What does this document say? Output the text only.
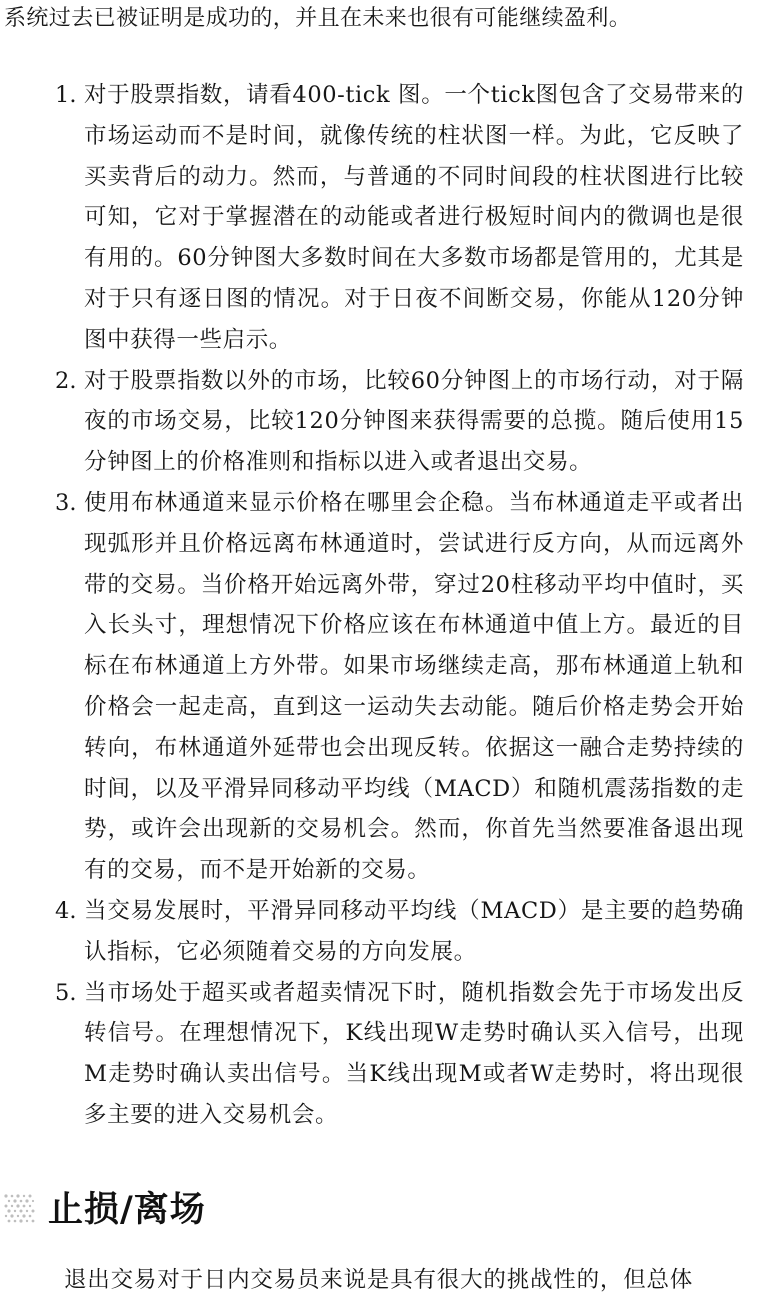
系统过去已被证明是成功的，并且在未来也很有可能继续盈利。
1. 对于股票指数，请看400-tick 图。一个tick图包含了交易带来的市场运动而不是时间，就像传统的柱状图一样。为此，它反映了买卖背后的动力。然而，与普通的不同时间段的柱状图进行比较可知，它对于掌握潜在的动能或者进行极短时间内的微调也是很有用的。60分钟图大多数时间在大多数市场都是管用的，尤其是对于只有逐日图的情况。对于日夜不间断交易，你能从120分钟图中获得一些启示。
2. 对于股票指数以外的市场，比较60分钟图上的市场行动，对于隔夜的市场交易，比较120分钟图来获得需要的总揽。随后使用15分钟图上的价格准则和指标以进入或者退出交易。
3. 使用布林通道来显示价格在哪里会企稳。当布林通道走平或者出现弧形并且价格远离布林通道时，尝试进行反方向，从而远离外带的交易。当价格开始远离外带，穿过20柱移动平均中值时，买入长头寸，理想情况下价格应该在布林通道中值上方。最近的目标在布林通道上方外带。如果市场继续走高，那布林通道上轨和价格会一起走高，直到这一运动失去动能。随后价格走势会开始转向，布林通道外延带也会出现反转。依据这一融合走势持续的时间，以及平滑异同移动平均线（MACD）和随机震荡指数的走势，或许会出现新的交易机会。然而，你首先当然要准备退出现有的交易，而不是开始新的交易。
4. 当交易发展时，平滑异同移动平均线（MACD）是主要的趋势确认指标，它必须随着交易的方向发展。
5. 当市场处于超买或者超卖情况下时，随机指数会先于市场发出反转信号。在理想情况下，K线出现W走势时确认买入信号，出现M走势时确认卖出信号。当K线出现M或者W走势时，将出现很多主要的进入交易机会。
止损/离场
退出交易对于日内交易员来说是具有很大的挑战性的，但总体
